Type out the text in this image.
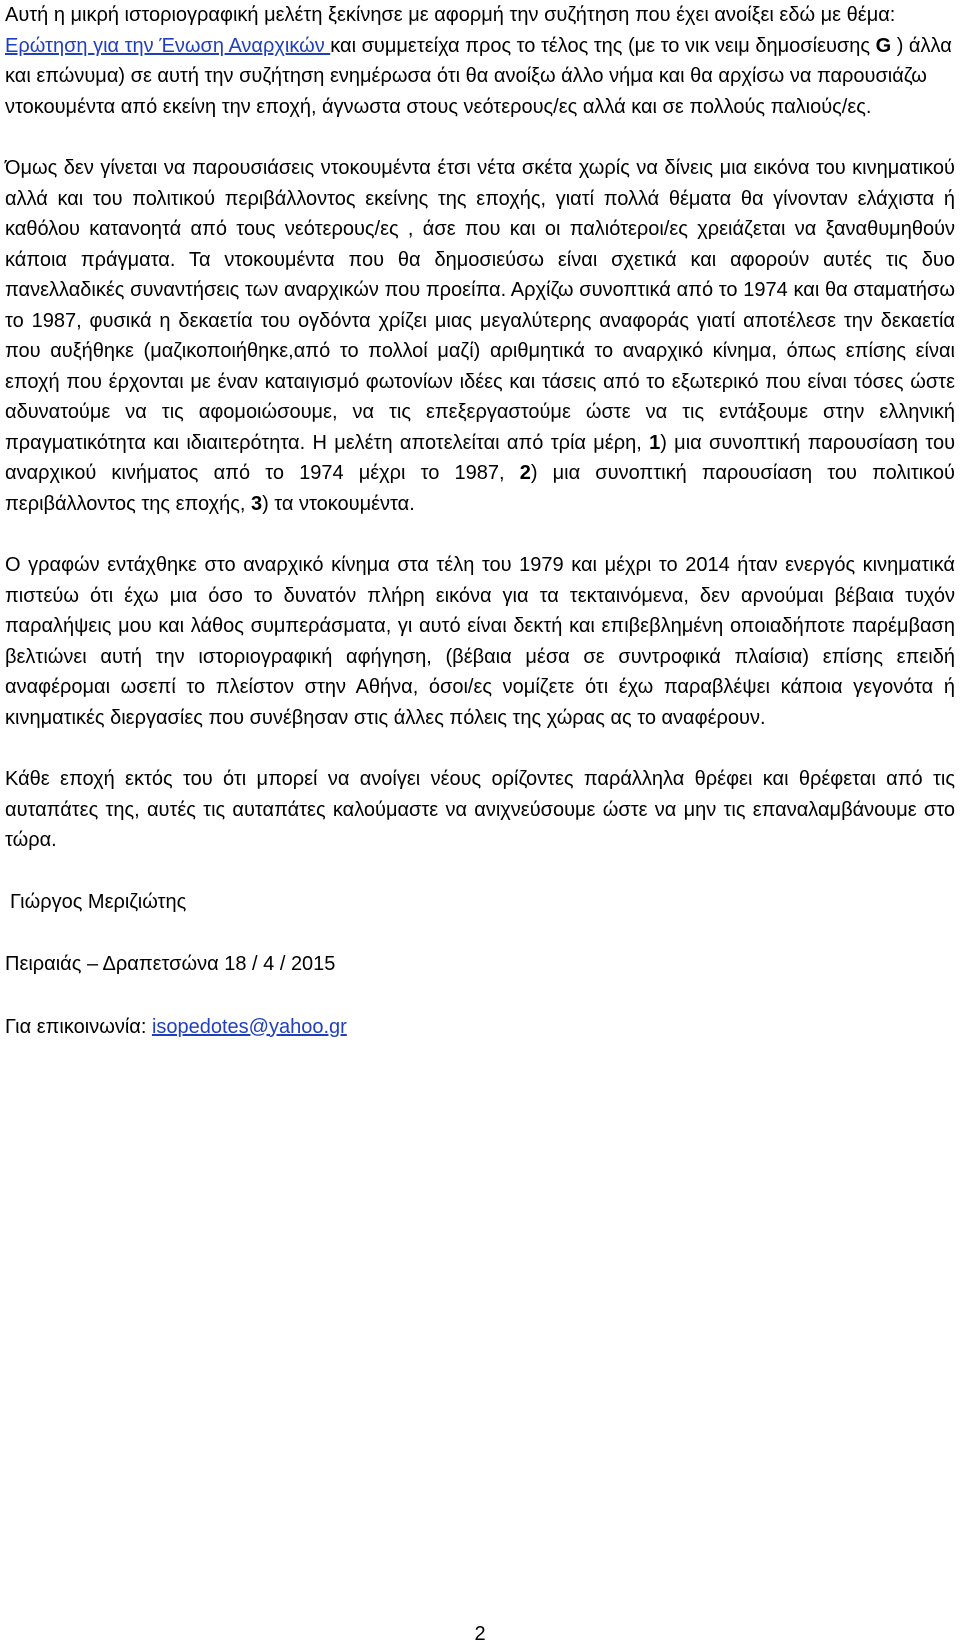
Αυτή η μικρή ιστοριογραφική μελέτη ξεκίνησε με αφορμή την συζήτηση που έχει ανοίξει εδώ με θέμα: Ερώτηση για την Ένωση Αναρχικών και συμμετείχα προς το τέλος της (με το νικ νειμ δημοσίευσης G ) άλλα και επώνυμα) σε αυτή την συζήτηση ενημέρωσα ότι θα ανοίξω άλλο νήμα και θα αρχίσω να παρουσιάζω ντοκουμέντα από εκείνη την εποχή, άγνωστα στους νεότερους/ες αλλά και σε πολλούς παλιούς/ες.

Όμως δεν γίνεται να παρουσιάσεις ντοκουμέντα έτσι νέτα σκέτα χωρίς να δίνεις μια εικόνα του κινηματικού αλλά και του πολιτικού περιβάλλοντος εκείνης της εποχής, γιατί πολλά θέματα θα γίνονταν ελάχιστα ή καθόλου κατανοητά από τους νεότερους/ες , άσε που και οι παλιότεροι/ες χρειάζεται να ξαναθυμηθούν κάποια πράγματα. Τα ντοκουμέντα που θα δημοσιεύσω είναι σχετικά και αφορούν αυτές τις δυο πανελλαδικές συναντήσεις των αναρχικών που προείπα. Αρχίζω συνοπτικά από το 1974 και θα σταματήσω το 1987, φυσικά η δεκαετία του ογδόντα χρίζει μιας μεγαλύτερης αναφοράς γιατί αποτέλεσε την δεκαετία που αυξήθηκε (μαζικοποιήθηκε,από το πολλοί μαζί) αριθμητικά το αναρχικό κίνημα, όπως επίσης είναι εποχή που έρχονται με έναν καταιγισμό φωτονίων ιδέες και τάσεις από το εξωτερικό που είναι τόσες ώστε αδυνατούμε να τις αφομοιώσουμε, να τις επεξεργαστούμε ώστε να τις εντάξουμε στην ελληνική πραγματικότητα και ιδιαιτερότητα. Η μελέτη αποτελείται από τρία μέρη, 1) μια συνοπτική παρουσίαση του αναρχικού κινήματος από το 1974 μέχρι το 1987, 2) μια συνοπτική παρουσίαση του πολιτικού περιβάλλοντος της εποχής, 3) τα ντοκουμέντα.

Ο γραφών εντάχθηκε στο αναρχικό κίνημα στα τέλη του 1979 και μέχρι το 2014 ήταν ενεργός κινηματικά πιστεύω ότι έχω μια όσο το δυνατόν πλήρη εικόνα για τα τεκταινόμενα, δεν αρνούμαι βέβαια τυχόν παραλήψεις μου και λάθος συμπεράσματα, γι αυτό είναι δεκτή και επιβεβλημένη οποιαδήποτε παρέμβαση βελτιώνει αυτή την ιστοριογραφική αφήγηση, (βέβαια μέσα σε συντροφικά πλαίσια) επίσης επειδή αναφέρομαι ωσεπί το πλείστον στην Αθήνα, όσοι/ες νομίζετε ότι έχω παραβλέψει κάποια γεγονότα ή κινηματικές διεργασίες που συνέβησαν στις άλλες πόλεις της χώρας ας το αναφέρουν.

Κάθε εποχή εκτός του ότι μπορεί να ανοίγει νέους ορίζοντες παράλληλα θρέφει και θρέφεται από τις αυταπάτες της, αυτές τις αυταπάτες καλούμαστε να ανιχνεύσουμε ώστε να μην τις επαναλαμβάνουμε στο τώρα.

Γιώργος Μεριζιώτης
Πειραιάς – Δραπετσώνα 18 / 4 / 2015
Για επικοινωνία: isopedotes@yahoo.gr
2
